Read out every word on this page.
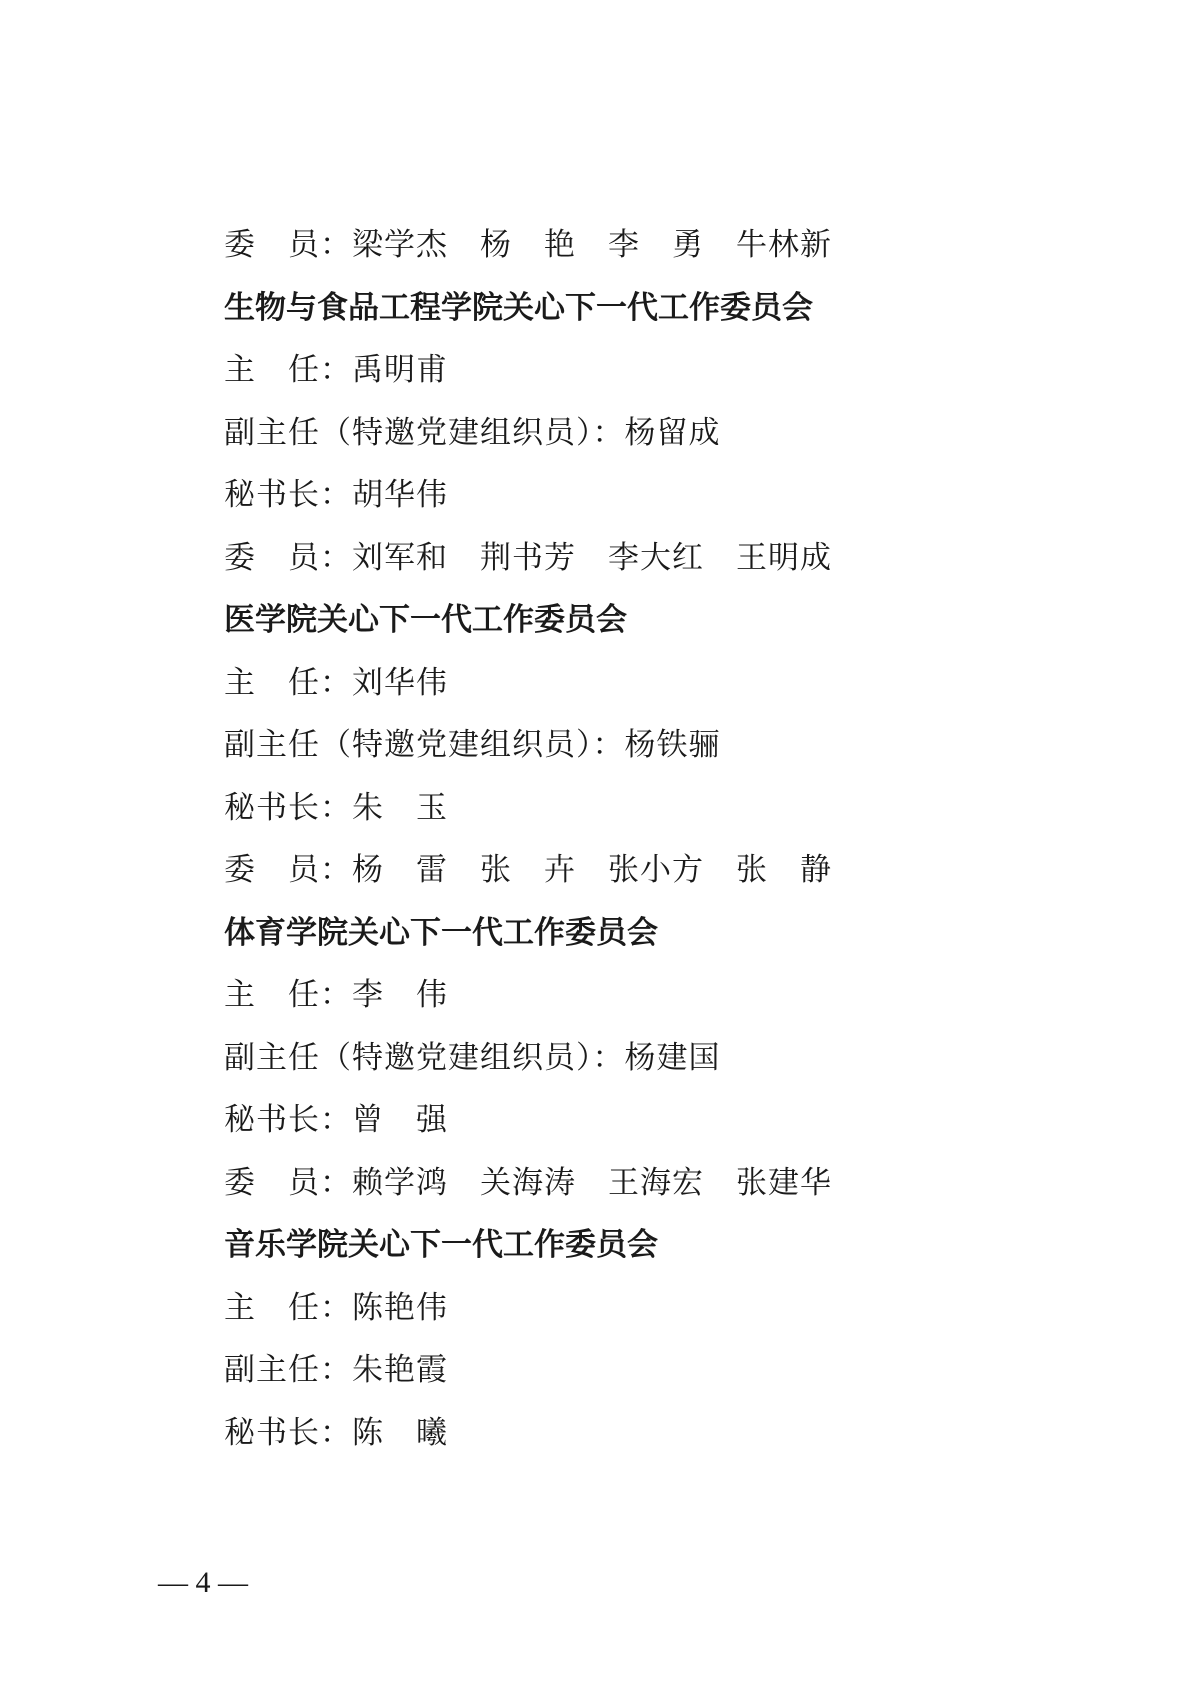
委　员：梁学杰　杨　艳　李　勇　牛林新
生物与食品工程学院关心下一代工作委员会
主　任：禹明甫
副主任（特邀党建组织员）：杨留成
秘书长：胡华伟
委　员：刘军和　荆书芳　李大红　王明成
医学院关心下一代工作委员会
主　任：刘华伟
副主任（特邀党建组织员）：杨铁骊
秘书长：朱　玉
委　员：杨　雷　张　卉　张小方　张　静
体育学院关心下一代工作委员会
主　任：李　伟
副主任（特邀党建组织员）：杨建国
秘书长：曾　强
委　员：赖学鸿　关海涛　王海宏　张建华
音乐学院关心下一代工作委员会
主　任：陈艳伟
副主任：朱艳霞
秘书长：陈　曦
— 4 —
